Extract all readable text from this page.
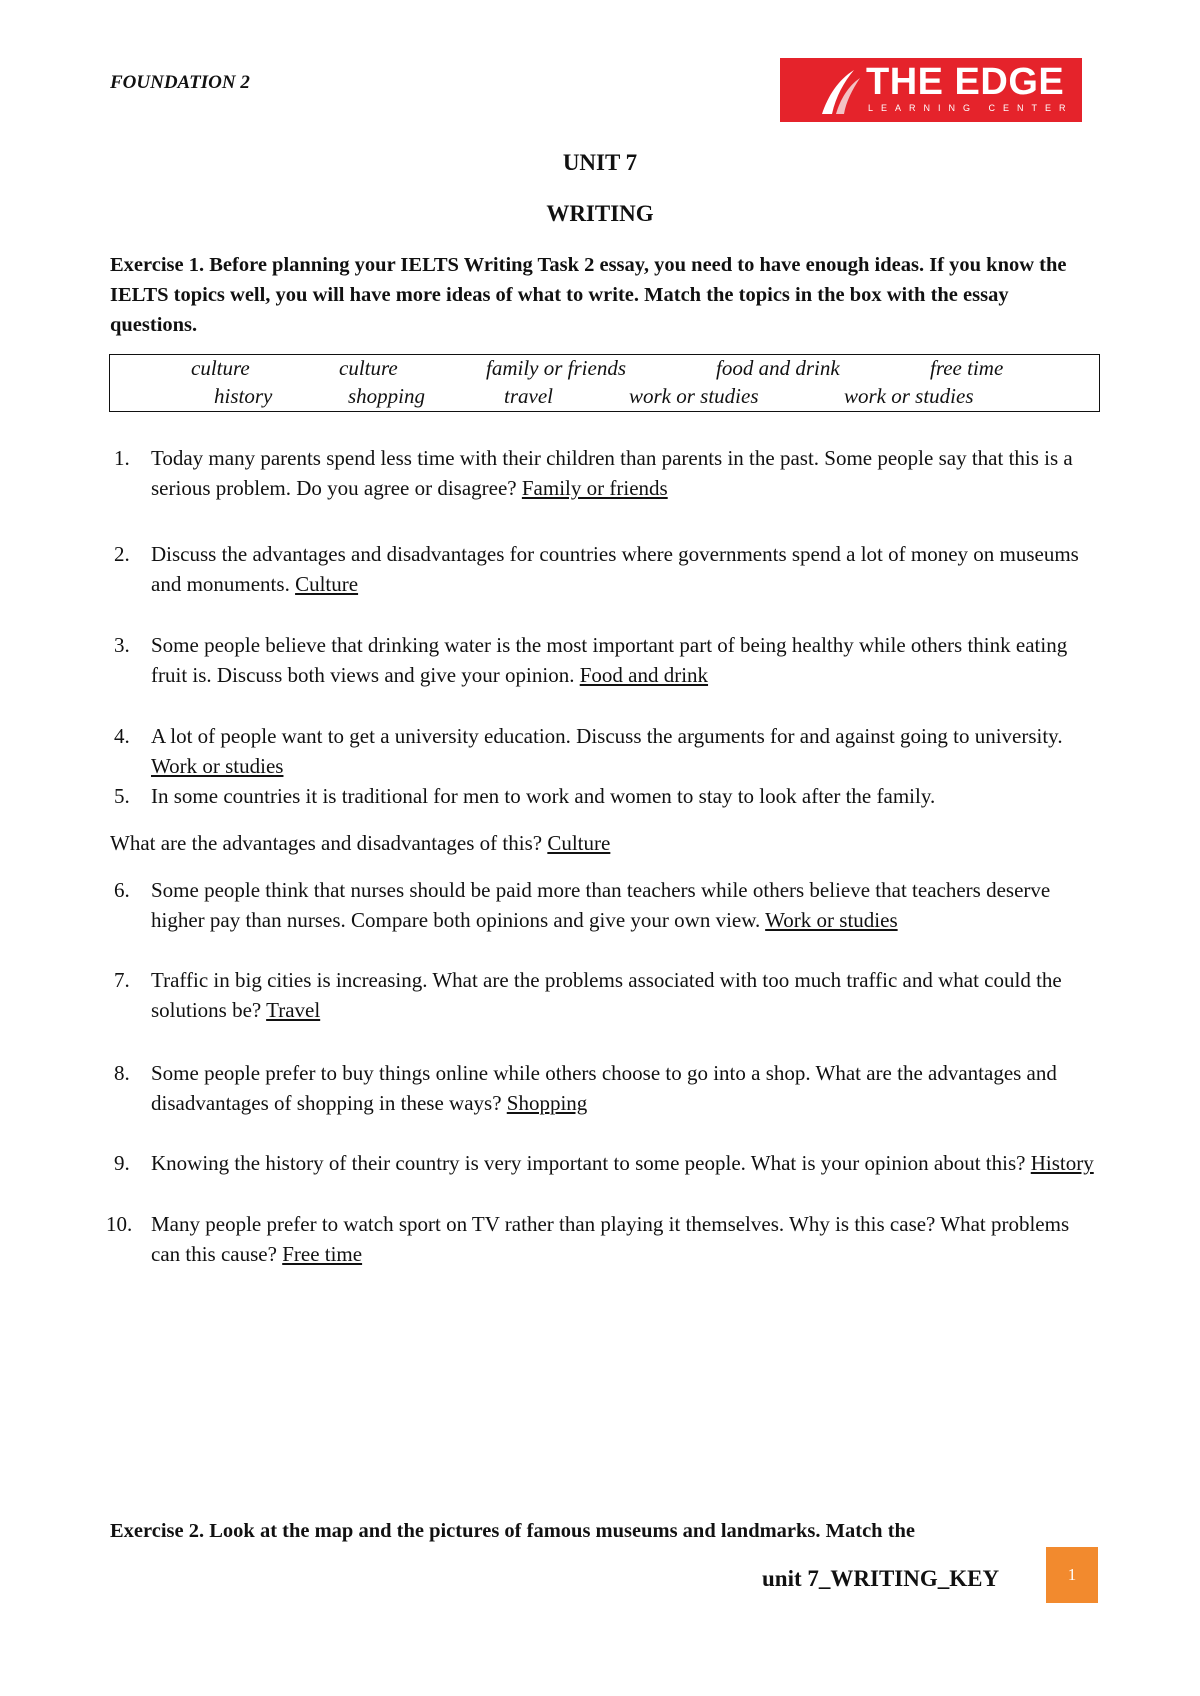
FOUNDATION 2	THE EDGE
LEARNING CENTER
UNIT 7
WRITING
Exercise 1. Before planning your IELTS Writing Task 2 essay, you need to have enough ideas. If you know the IELTS topics well, you will have more ideas of what to write. Match the topics in the box with the essay questions.
culture	culture	family or friends	food and drink	free time
history	shopping	travel	work or studies	work or studies
1. Today many parents spend less time with their children than parents in the past. Some people say that this is a serious problem. Do you agree or disagree? Family or friends
2. Discuss the advantages and disadvantages for countries where governments spend a lot of money on museums and monuments. Culture
3. Some people believe that drinking water is the most important part of being healthy while others think eating fruit is. Discuss both views and give your opinion. Food and drink
4. A lot of people want to get a university education. Discuss the arguments for and against going to university. Work or studies
5. In some countries it is traditional for men to work and women to stay to look after the family.
What are the advantages and disadvantages of this? Culture
6. Some people think that nurses should be paid more than teachers while others believe that teachers deserve higher pay than nurses. Compare both opinions and give your own view. Work or studies
7. Traffic in big cities is increasing. What are the problems associated with too much traffic and what could the solutions be? Travel
8. Some people prefer to buy things online while others choose to go into a shop. What are the advantages and disadvantages of shopping in these ways? Shopping
9. Knowing the history of their country is very important to some people. What is your opinion about this? History
10. Many people prefer to watch sport on TV rather than playing it themselves. Why is this case? What problems can this cause? Free time
Exercise 2. Look at the map and the pictures of famous museums and landmarks. Match the
unit 7_WRITING_KEY	1
